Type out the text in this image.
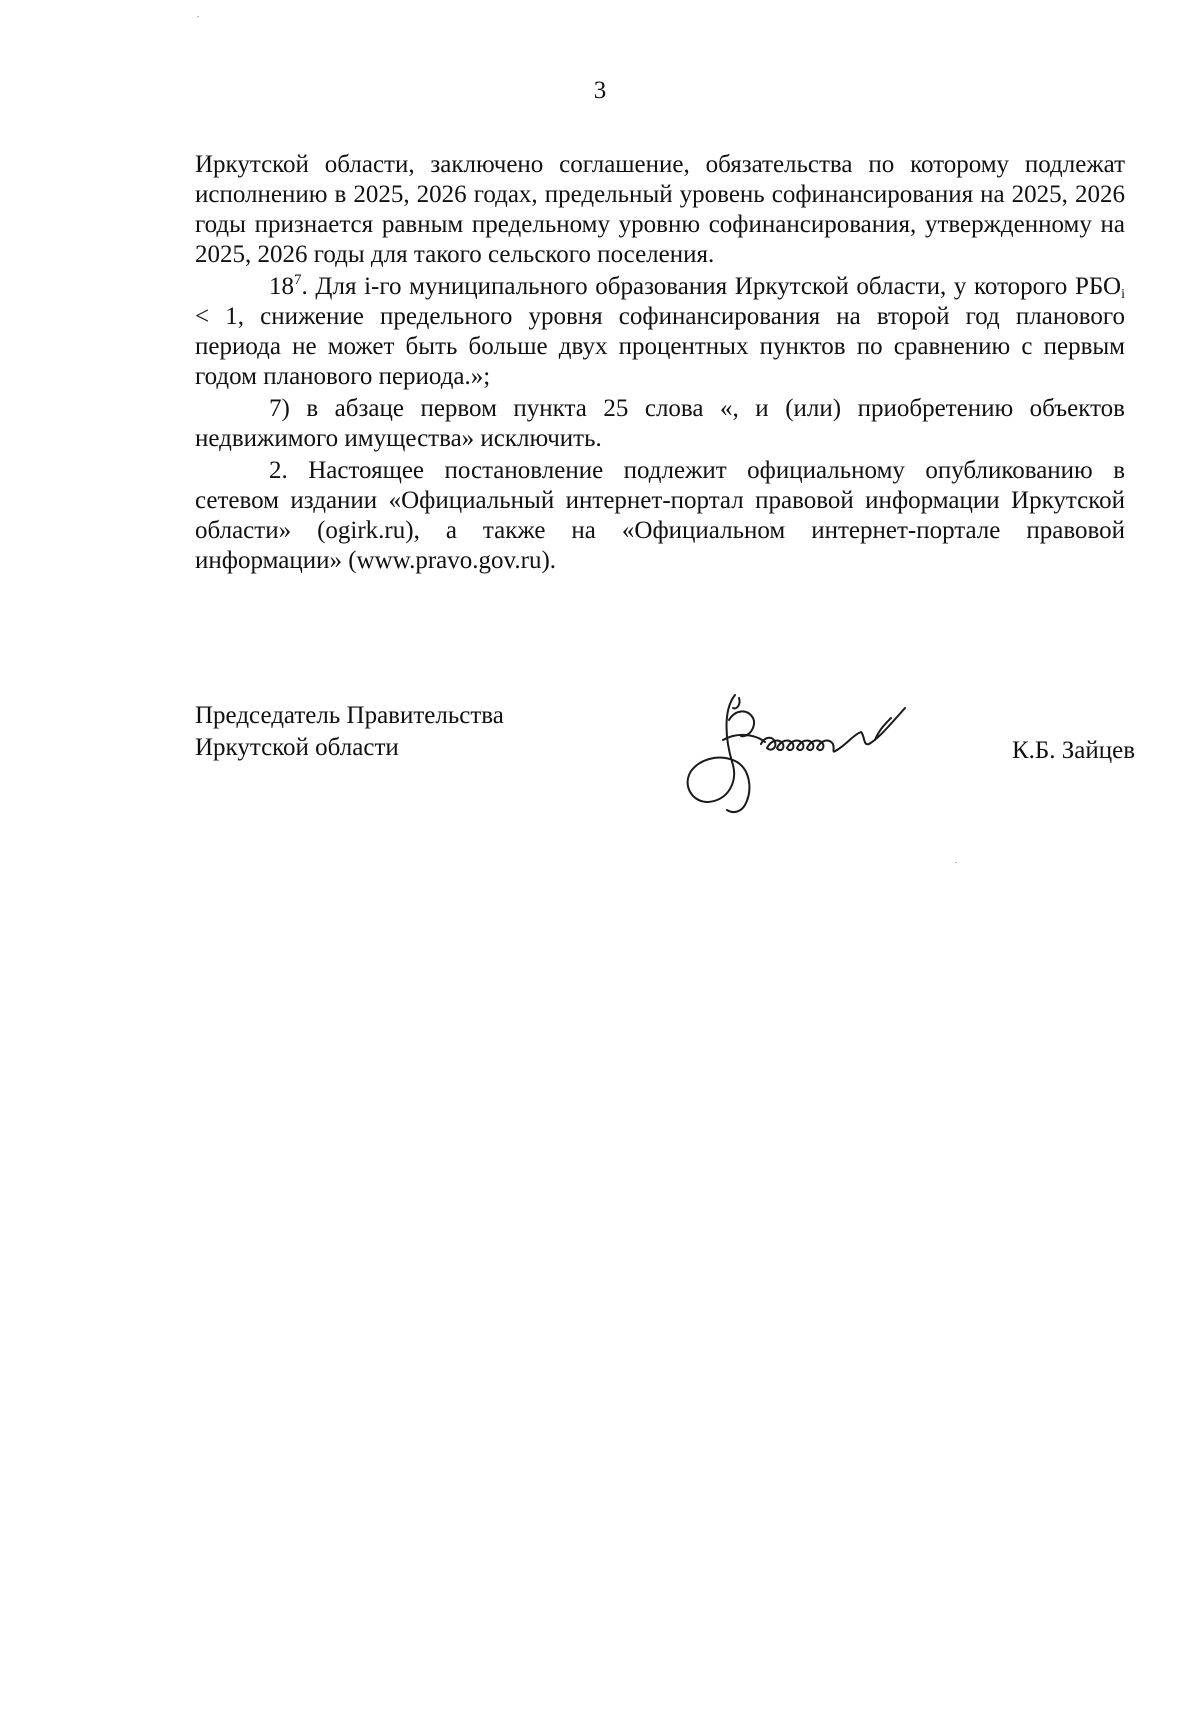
3

Иркутской области, заключено соглашение, обязательства по которому подлежат исполнению в 2025, 2026 годах, предельный уровень софинансирования на 2025, 2026 годы признается равным предельному уровню софинансирования, утвержденному на 2025, 2026 годы для такого сельского поселения.

$18^7$. Для i-го муниципального образования Иркутской области, у которого $РБО_i < 1$, снижение предельного уровня софинансирования на второй год планового периода не может быть больше двух процентных пунктов по сравнению с первым годом планового периода.»;

7) в абзаце первом пункта 25 слова «, и (или) приобретению объектов недвижимого имущества» исключить.

2. Настоящее постановление подлежит официальному опубликованию в сетевом издании «Официальный интернет-портал правовой информации Иркутской области» (ogirk.ru), а также на «Официальном интернет-портале правовой информации» (www.pravo.gov.ru).

Председатель Правительства
Иркутской области	К.Б. Зайцев
